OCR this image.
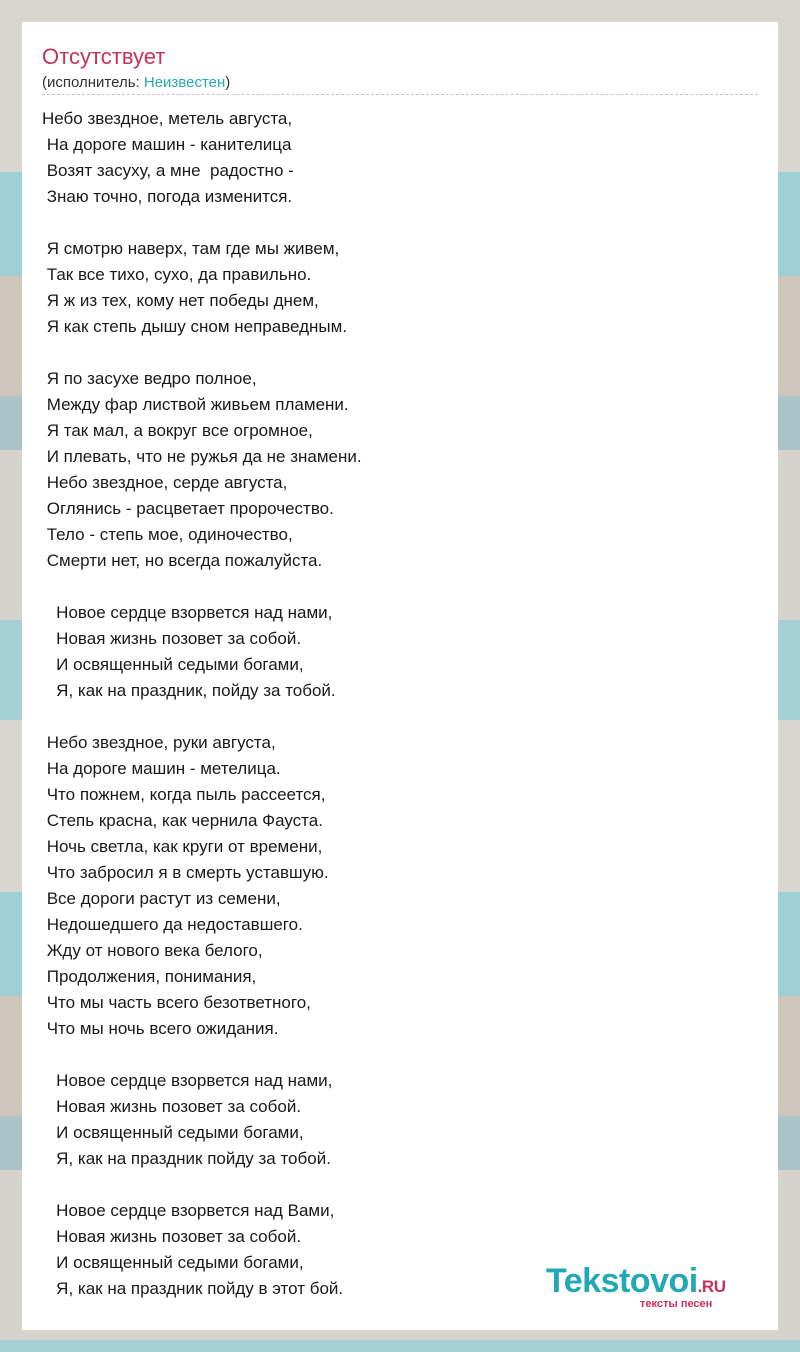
Отсутствует
(исполнитель: Неизвестен)
Небо звездное, метель августа,
На дороге машин - канителица
Возят засуху, а мне  радостно -
Знаю точно, погода изменится.

Я смотрю наверх, там где мы живем,
Так все тихо, сухо, да правильно.
Я ж из тех, кому нет победы днем,
Я как степь дышу сном неправедным.

Я по засухе ведро полное,
Между фар листвой живьем пламени.
Я так мал, а вокруг все огромное,
И плевать, что не ружья да не знамени.
Небо звездное, серде августа,
Оглянись - расцветает пророчество.
Тело - степь мое, одиночество,
Смерти нет, но всегда пожалуйста.

Новое сердце взорвется над нами,
Новая жизнь позовет за собой.
И освященный седыми богами,
Я, как на праздник, пойду за тобой.

Небо звездное, руки августа,
На дороге машин - метелица.
Что пожнем, когда пыль рассеется,
Степь красна, как чернила Фауста.
Ночь светла, как круги от времени,
Что забросил я в смерть уставшую.
Все дороги растут из семени,
Недошедшего да недоставшего.
Жду от нового века белого,
Продолжения, понимания,
Что мы часть всего безответного,
Что мы ночь всего ожидания.

Новое сердце взорвется над нами,
Новая жизнь позовет за собой.
И освященный седыми богами,
Я, как на праздник пойду за тобой.

Новое сердце взорвется над Вами,
Новая жизнь позовет за собой.
И освященный седыми богами,
Я, как на праздник пойду в этот бой.	Tekstovoi.RU
тексты песен
